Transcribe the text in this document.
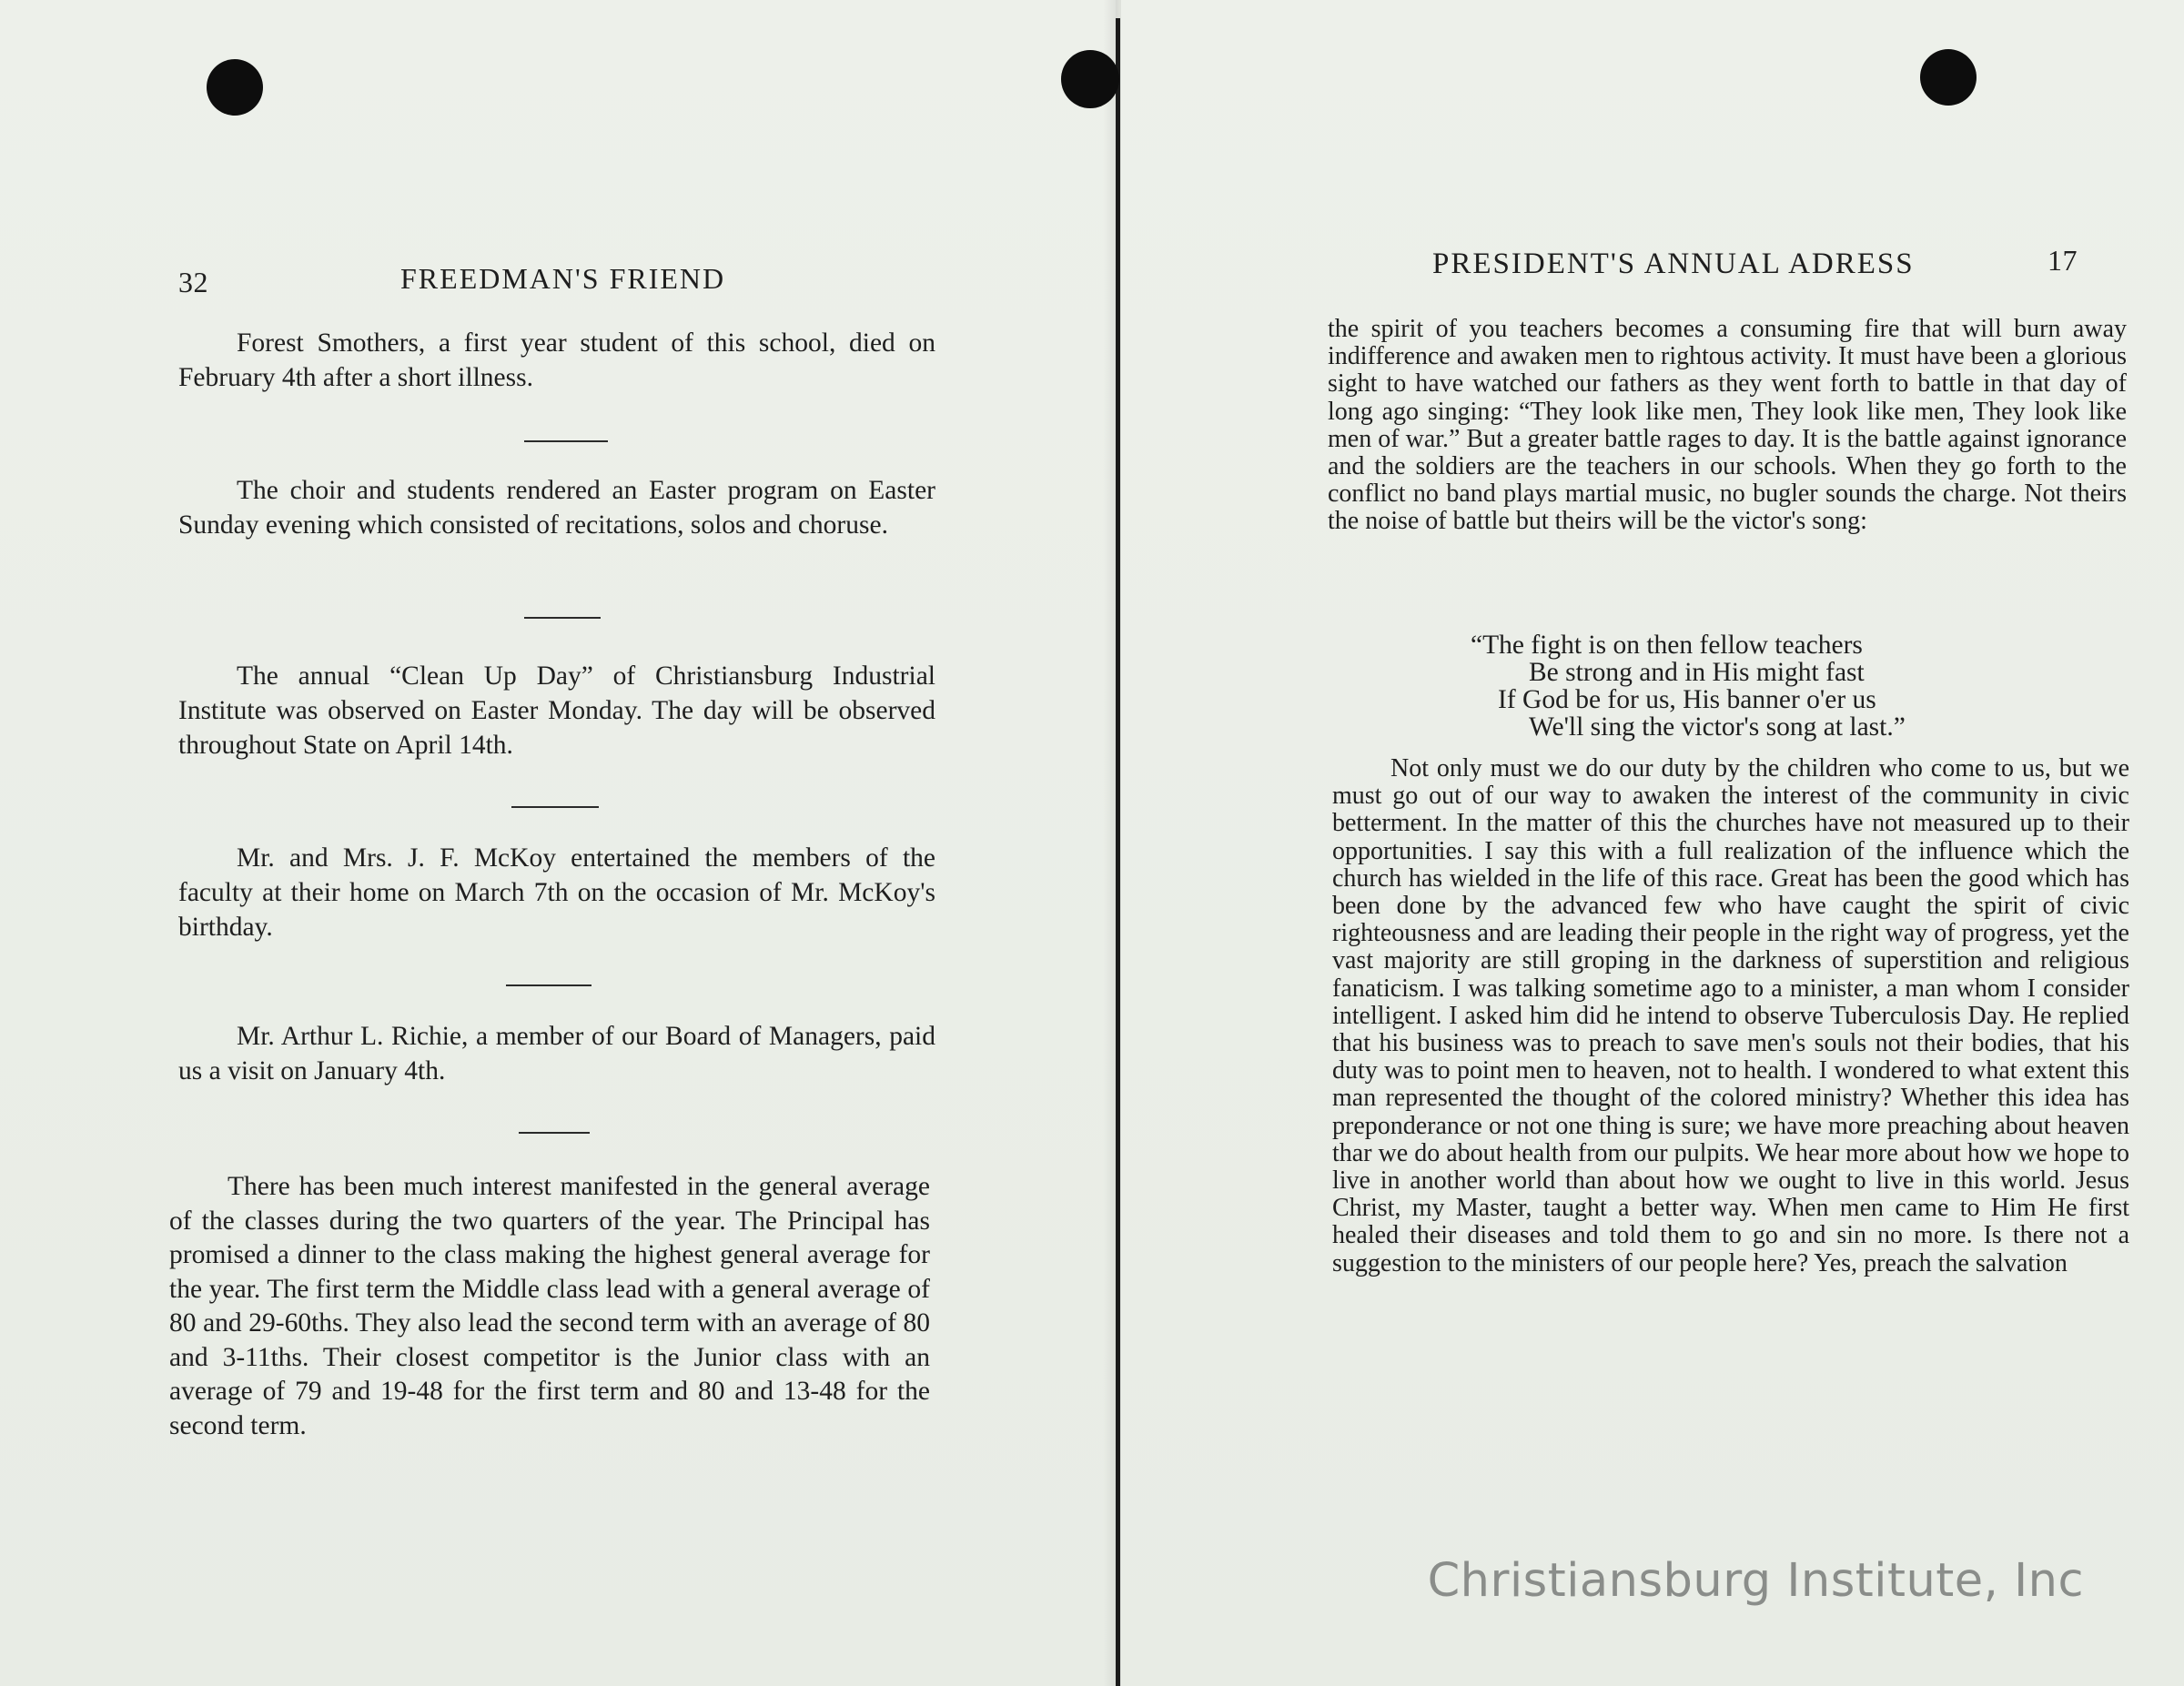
32	FREEDMAN'S FRIEND

Forest Smothers, a first year student of this school, died on February 4th after a short illness.

The choir and students rendered an Easter program on Easter Sunday evening which consisted of recitations, solos and choruse.

The annual “Clean Up Day” of Christiansburg Industrial Institute was observed on Easter Monday. The day will be observed throughout State on April 14th.

Mr. and Mrs. J. F. McKoy entertained the members of the faculty at their home on March 7th on the occasion of Mr. McKoy's birthday.

Mr. Arthur L. Richie, a member of our Board of Managers, paid us a visit on January 4th.

There has been much interest manifested in the general average of the classes during the two quarters of the year. The Principal has promised a dinner to the class making the highest general average for the year. The first term the Middle class lead with a general average of 80 and 29-60ths. They also lead the second term with an average of 80 and 3-11ths. Their closest competitor is the Junior class with an average of 79 and 19-48 for the first term and 80 and 13-48 for the second term.

PRESIDENT'S ANNUAL ADRESS	17

the spirit of you teachers becomes a consuming fire that will burn away indifference and awaken men to rightous activity. It must have been a glorious sight to have watched our fathers as they went forth to battle in that day of long ago singing: “They look like men, They look like men, They look like men of war.” But a greater battle rages to day. It is the battle against ignorance and the soldiers are the teachers in our schools. When they go forth to the conflict no band plays martial music, no bugler sounds the charge. Not theirs the noise of battle but theirs will be the victor's song:

“The fight is on then fellow teachers
Be strong and in His might fast
If God be for us, His banner o'er us
We'll sing the victor's song at last.”

Not only must we do our duty by the children who come to us, but we must go out of our way to awaken the interest of the community in civic betterment. In the matter of this the churches have not measured up to their opportunities. I say this with a full realization of the influence which the church has wielded in the life of this race. Great has been the good which has been done by the advanced few who have caught the spirit of civic righteousness and are leading their people in the right way of progress, yet the vast majority are still groping in the darkness of superstition and religious fanaticism. I was talking sometime ago to a minister, a man whom I consider intelligent. I asked him did he intend to observe Tuberculosis Day. He replied that his business was to preach to save men's souls not their bodies, that his duty was to point men to heaven, not to health. I wondered to what extent this man represented the thought of the colored ministry? Whether this idea has preponderance or not one thing is sure; we have more preaching about heaven thar we do about health from our pulpits. We hear more about how we hope to live in another world than about how we ought to live in this world. Jesus Christ, my Master, taught a better way. When men came to Him He first healed their diseases and told them to go and sin no more. Is there not a suggestion to the ministers of our people here? Yes, preach the salvation

Christiansburg Institute, Inc
